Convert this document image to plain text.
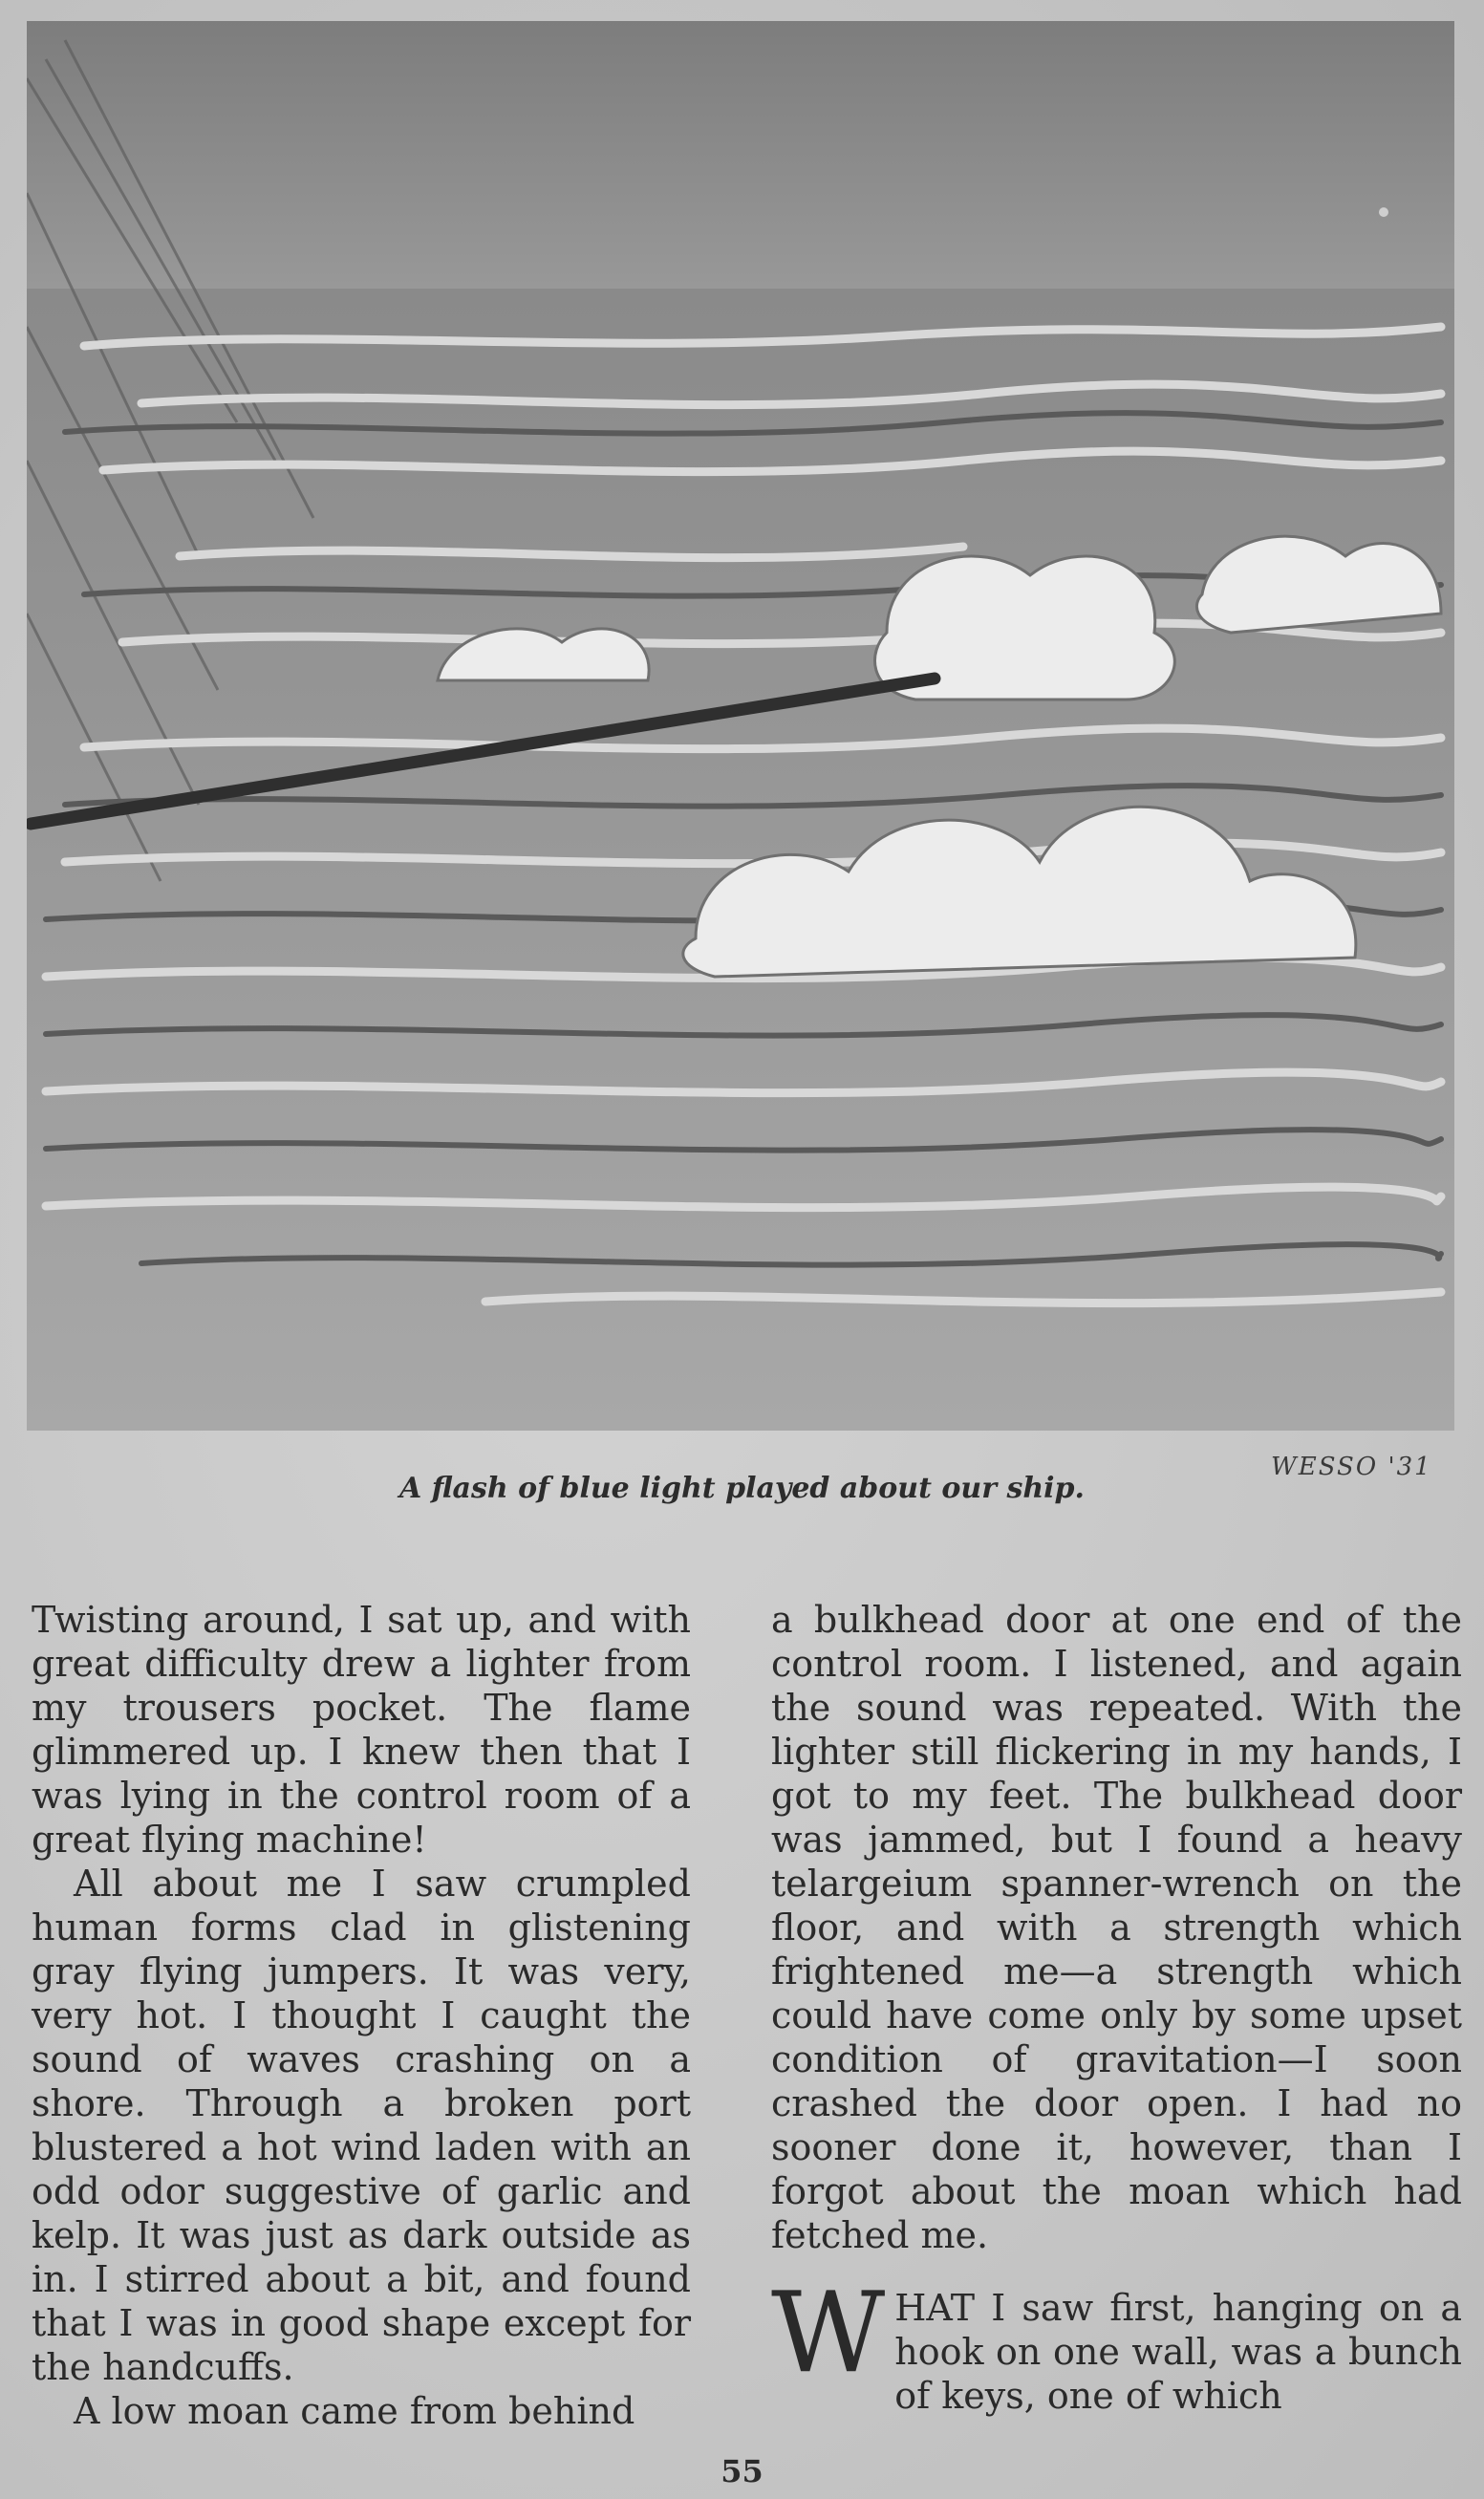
WESSO '31
A flash of blue light played about our ship.

Twisting around, I sat up, and with great difficulty drew a lighter from my trousers pocket. The flame glimmered up. I knew then that I was lying in the control room of a great flying machine!

All about me I saw crumpled human forms clad in glistening gray flying jumpers. It was very, very hot. I thought I caught the sound of waves crashing on a shore. Through a broken port blustered a hot wind laden with an odd odor suggestive of garlic and kelp. It was just as dark outside as in. I stirred about a bit, and found that I was in good shape except for the handcuffs.

A low moan came from behind

a bulkhead door at one end of the control room. I listened, and again the sound was repeated. With the lighter still flickering in my hands, I got to my feet. The bulkhead door was jammed, but I found a heavy telargeium spanner-wrench on the floor, and with a strength which frightened me—a strength which could have come only by some upset condition of gravitation—I soon crashed the door open. I had no sooner done it, however, than I forgot about the moan which had fetched me.

WHAT I saw first, hanging on a hook on one wall, was a bunch of keys, one of which

55
